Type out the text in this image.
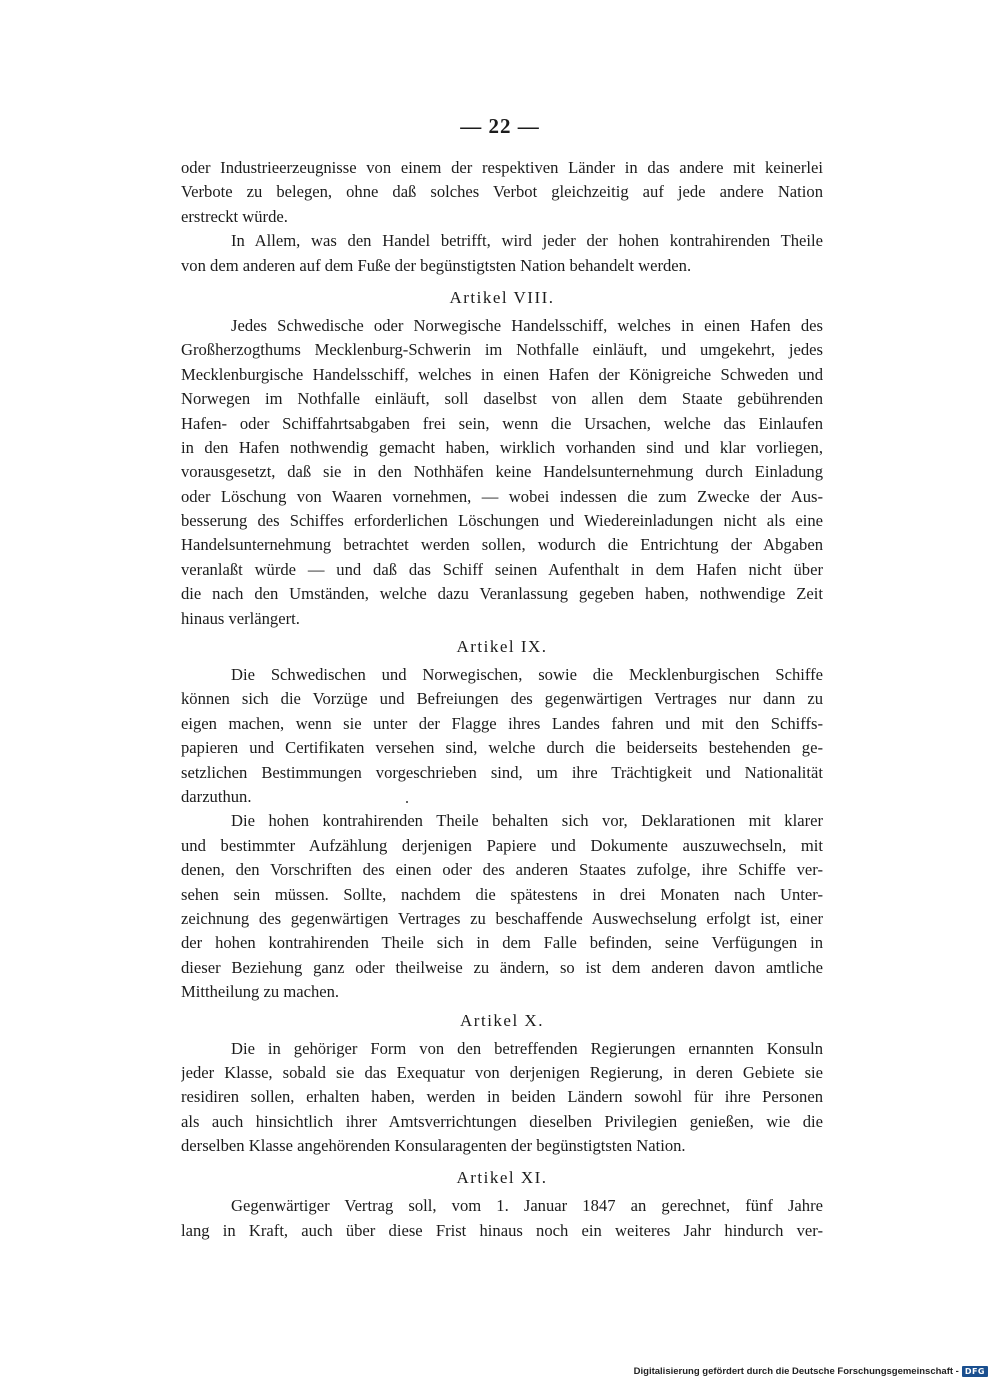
— 22 —
oder Industrieerzeugnisse von einem der respektiven Länder in das andere mit keinerlei
Verbote zu belegen, ohne daß solches Verbot gleichzeitig auf jede andere Nation
erstreckt würde.
In Allem, was den Handel betrifft, wird jeder der hohen kontrahirenden Theile
von dem anderen auf dem Fuße der begünstigtsten Nation behandelt werden.
Artikel VIII.
Jedes Schwedische oder Norwegische Handelsschiff, welches in einen Hafen des
Großherzogthums Mecklenburg-Schwerin im Nothfalle einläuft, und umgekehrt, jedes
Mecklenburgische Handelsschiff, welches in einen Hafen der Königreiche Schweden und
Norwegen im Nothfalle einläuft, soll daselbst von allen dem Staate gebührenden
Hafen- oder Schiffahrtsabgaben frei sein, wenn die Ursachen, welche das Einlaufen
in den Hafen nothwendig gemacht haben, wirklich vorhanden sind und klar vorliegen,
vorausgesetzt, daß sie in den Nothhäfen keine Handelsunternehmung durch Einladung
oder Löschung von Waaren vornehmen, — wobei indessen die zum Zwecke der Aus-
besserung des Schiffes erforderlichen Löschungen und Wiedereinladungen nicht als eine
Handelsunternehmung betrachtet werden sollen, wodurch die Entrichtung der Abgaben
veranlaßt würde — und daß das Schiff seinen Aufenthalt in dem Hafen nicht über
die nach den Umständen, welche dazu Veranlassung gegeben haben, nothwendige Zeit
hinaus verlängert.
Artikel IX.
Die Schwedischen und Norwegischen, sowie die Mecklenburgischen Schiffe
können sich die Vorzüge und Befreiungen des gegenwärtigen Vertrages nur dann zu
eigen machen, wenn sie unter der Flagge ihres Landes fahren und mit den Schiffs-
papieren und Certifikaten versehen sind, welche durch die beiderseits bestehenden ge-
setzlichen Bestimmungen vorgeschrieben sind, um ihre Trächtigkeit und Nationalität
darzuthun.
Die hohen kontrahirenden Theile behalten sich vor, Deklarationen mit klarer
und bestimmter Aufzählung derjenigen Papiere und Dokumente auszuwechseln, mit
denen, den Vorschriften des einen oder des anderen Staates zufolge, ihre Schiffe ver-
sehen sein müssen. Sollte, nachdem die spätestens in drei Monaten nach Unter-
zeichnung des gegenwärtigen Vertrages zu beschaffende Auswechselung erfolgt ist, einer
der hohen kontrahirenden Theile sich in dem Falle befinden, seine Verfügungen in
dieser Beziehung ganz oder theilweise zu ändern, so ist dem anderen davon amtliche
Mittheilung zu machen.
Artikel X.
Die in gehöriger Form von den betreffenden Regierungen ernannten Konsuln
jeder Klasse, sobald sie das Exequatur von derjenigen Regierung, in deren Gebiete sie
residiren sollen, erhalten haben, werden in beiden Ländern sowohl für ihre Personen
als auch hinsichtlich ihrer Amtsverrichtungen dieselben Privilegien genießen, wie die
derselben Klasse angehörenden Konsularagenten der begünstigtsten Nation.
Artikel XI.
Gegenwärtiger Vertrag soll, vom 1. Januar 1847 an gerechnet, fünf Jahre
lang in Kraft, auch über diese Frist hinaus noch ein weiteres Jahr hindurch ver-
Digitalisierung gefördert durch die Deutsche Forschungsgemeinschaft - DFG
